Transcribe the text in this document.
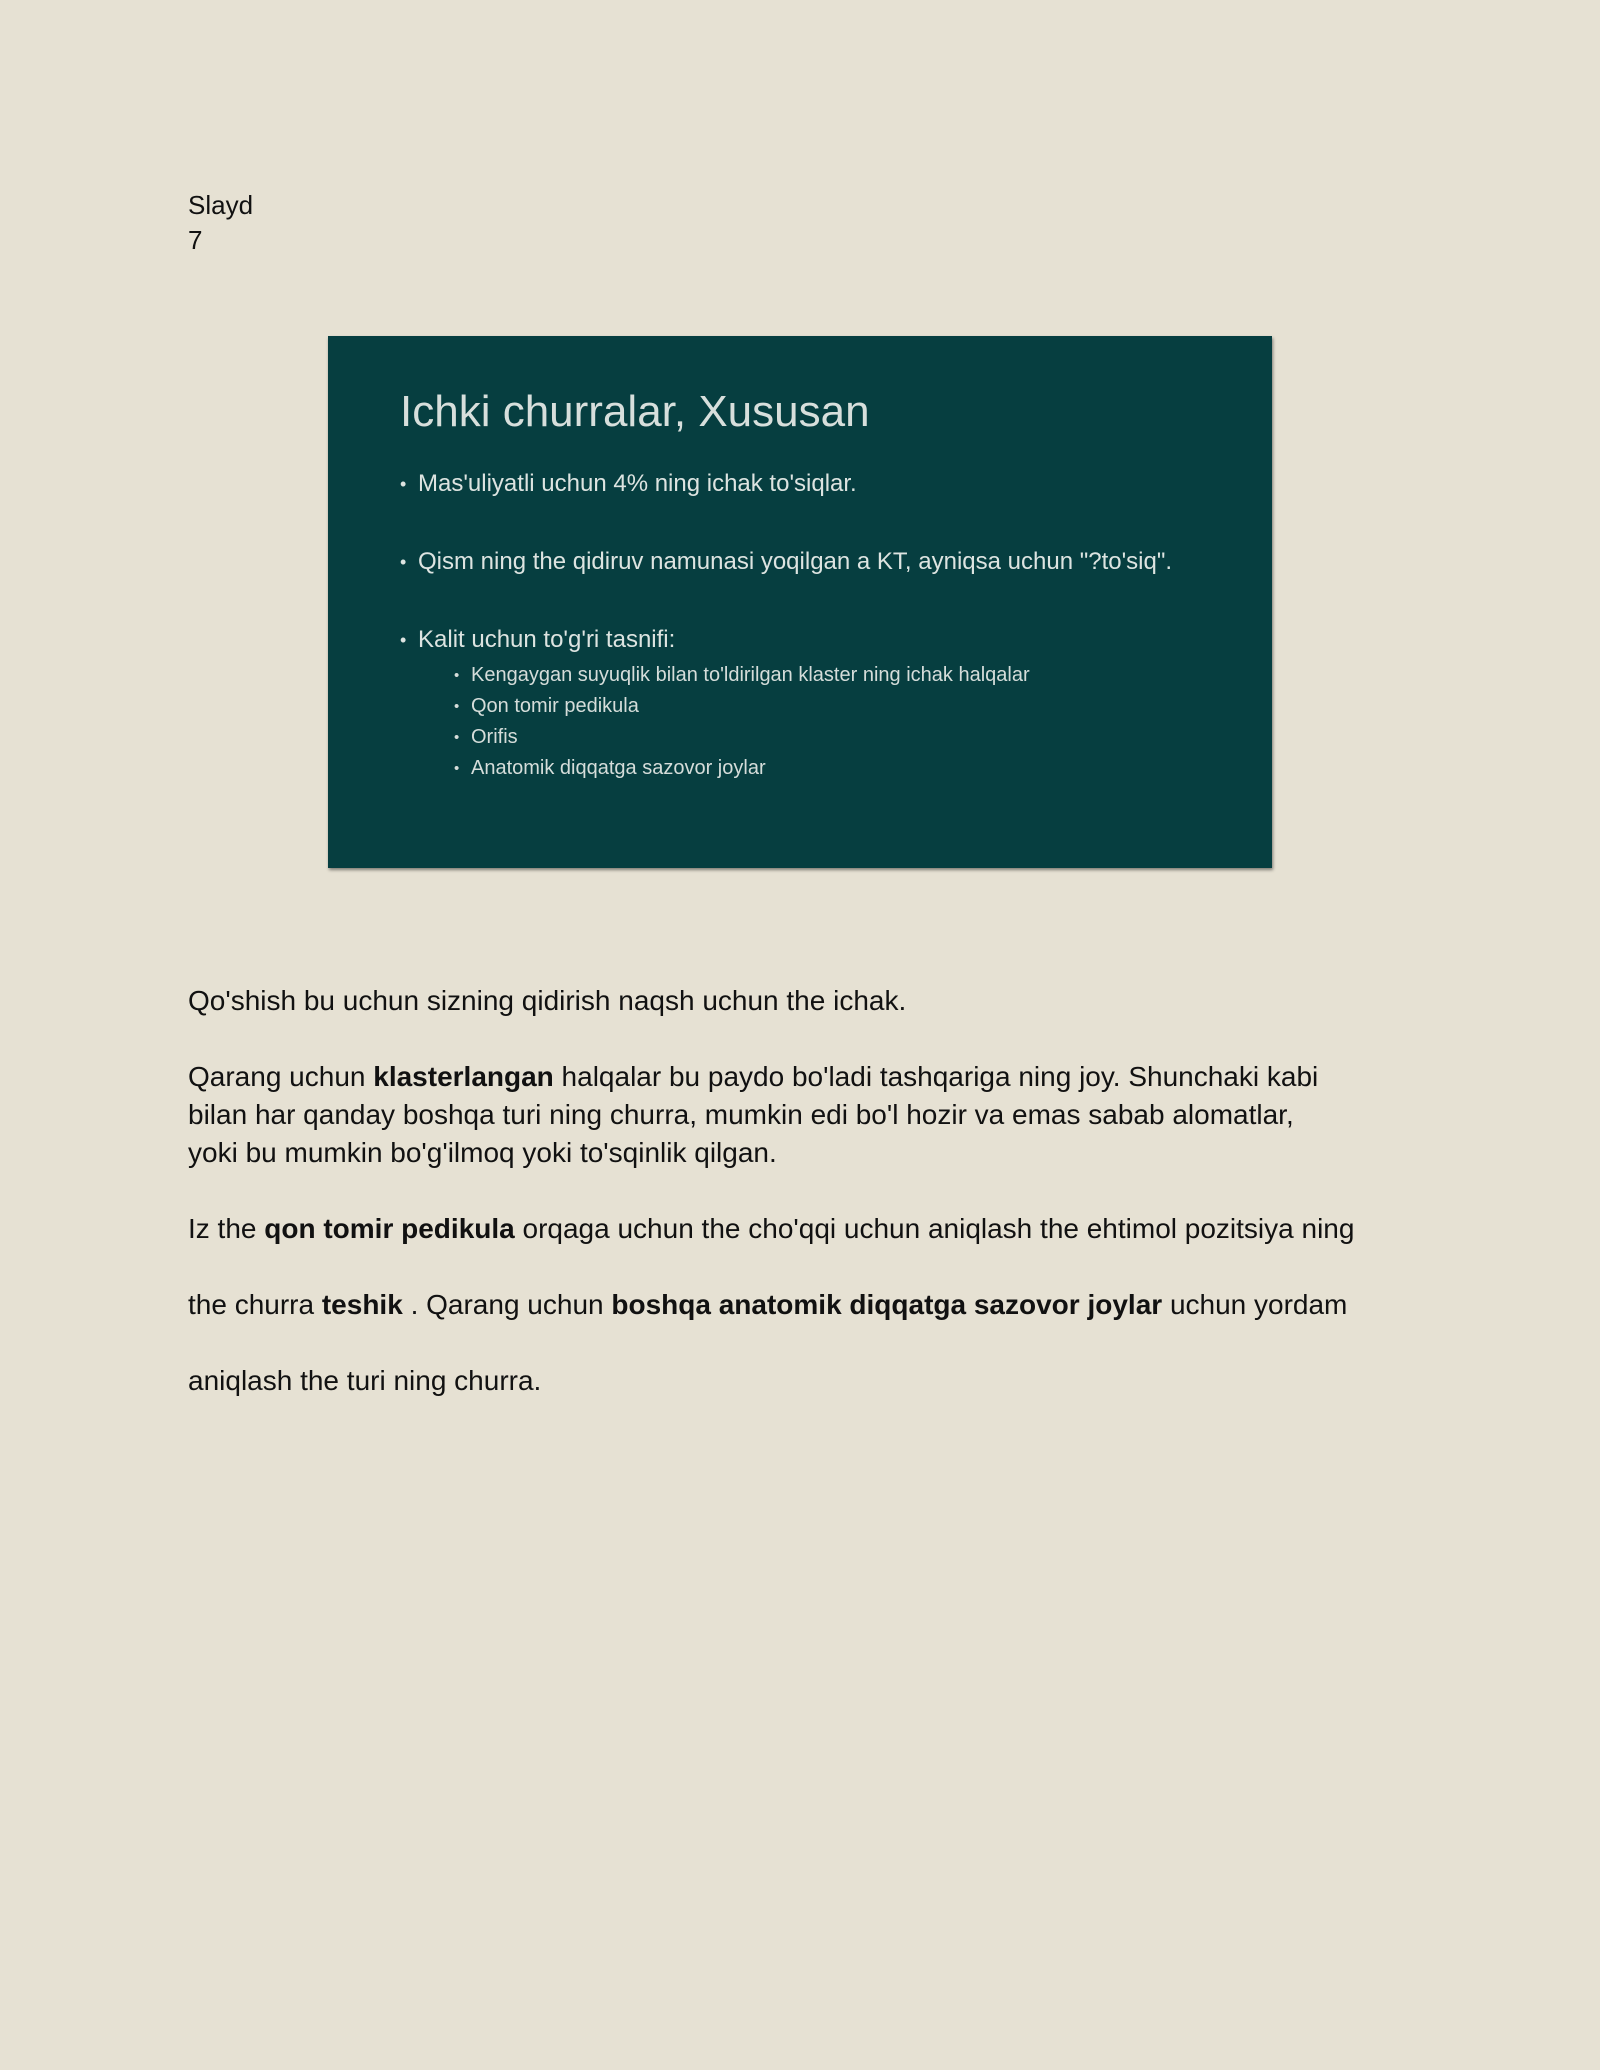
Slayd
7
Ichki churralar, Xususan
• Mas'uliyatli uchun 4% ning ichak to'siqlar.
• Qism ning the qidiruv namunasi yoqilgan a KT, ayniqsa uchun "?to'siq".
• Kalit uchun to'g'ri tasnifi:
• Kengaygan suyuqlik bilan to'ldirilgan klaster ning ichak halqalar
• Qon tomir pedikula
• Orifis
• Anatomik diqqatga sazovor joylar

Qo'shish bu uchun sizning qidirish naqsh uchun the ichak.

Qarang uchun klasterlangan halqalar bu paydo bo'ladi tashqariga ning joy. Shunchaki kabi
bilan har qanday boshqa turi ning churra, mumkin edi bo'l hozir va emas sabab alomatlar,
yoki bu mumkin bo'g'ilmoq yoki to'sqinlik qilgan.

Iz the qon tomir pedikula orqaga uchun the cho'qqi uchun aniqlash the ehtimol pozitsiya ning
the churra teshik . Qarang uchun boshqa anatomik diqqatga sazovor joylar uchun yordam
aniqlash the turi ning churra.
